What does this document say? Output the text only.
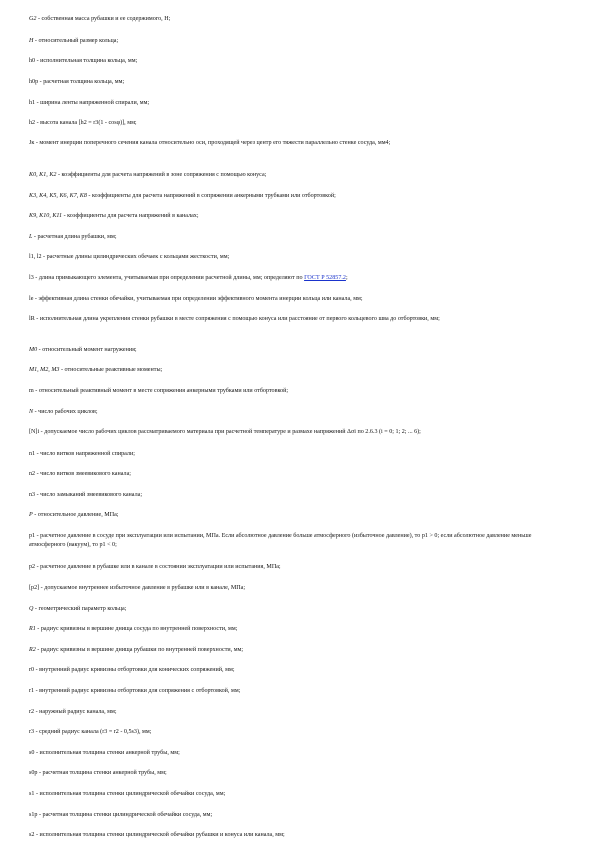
G2 - собственная масса рубашки и ее содержимого, Н;
H - относительный размер кольца;
h0 - исполнительная толщина кольца, мм;
h0р - расчетная толщина кольца, мм;
h1 - ширина ленты напряженной спирали, мм;
h2 - высота канала [h2 = r3(1 - cosφ)], мм;
Jк - момент инерции поперечного сечения канала относительно оси, проходящей через центр его тяжести параллельно стенке сосуда, мм4;
K0, K1, K2 - коэффициенты для расчета напряжений в зоне сопряжения с помощью конуса;
K3, K4, K5, K6, K7, K8 - коэффициенты для расчета напряжений в сопряжении анкерными трубками или отбортовкой;
K9, K10, K11 - коэффициенты для расчета напряжений в каналах;
L - расчетная длина рубашки, мм;
l1, l2 - расчетные длины цилиндрических обечаек с кольцами жесткости, мм;
l3 - длина примыкающего элемента, учитываемая при определении расчетной длины, мм; определяют по ГОСТ Р 52857.2;
lе - эффективная длина стенки обечайки, учитываемая при определении эффективного момента инерции кольца или канала, мм;
lR - исполнительная длина укрепления стенки рубашки в месте сопряжения с помощью конуса или расстояние от первого кольцевого шва до отбортовки, мм;
M0 - относительный момент нагружения;
M1, M2, M3 - относительные реактивные моменты;
m - относительный реактивный момент в месте сопряжения анкерными трубками или отбортовкой;
N - число рабочих циклов;
[N]i - допускаемое число рабочих циклов рассматриваемого материала при расчетной температуре и размахе напряжений Δσi по 2.6.3 (i = 0; 1; 2; ... 6);
n1 - число витков напряженной спирали;
n2 - число витков змеевикового канала;
n3 - число замыканий змеевикового канала;
P - относительное давление, МПа;
p1 - расчетное давление в сосуде при эксплуатации или испытании, МПа. Если абсолютное давление больше атмосферного (избыточное давление), то p1 > 0; если абсолютное давление меньше атмосферного (вакуум), то p1 < 0;
p2 - расчетное давление в рубашке или в канале в состоянии эксплуатации или испытания, МПа;
[p2] - допускаемое внутреннее избыточное давление в рубашке или в канале, МПа;
Q - геометрический параметр кольца;
R1 - радиус кривизны в вершине днища сосуда по внутренней поверхности, мм;
R2 - радиус кривизны в вершине днища рубашки по внутренней поверхности, мм;
r0 - внутренний радиус кривизны отбортовки для конических сопряжений, мм;
r1 - внутренний радиус кривизны отбортовки для сопряжения с отбортовкой, мм;
r2 - наружный радиус канала, мм;
r3 - средний радиус канала (r3 = r2 - 0,5s3), мм;
s0 - исполнительная толщина стенки анкерной трубы, мм;
s0р - расчетная толщина стенки анкерной трубы, мм;
s1 - исполнительная толщина стенки цилиндрической обечайки сосуда, мм;
s1р - расчетная толщина стенки цилиндрической обечайки сосуда, мм;
s2 - исполнительная толщина стенки цилиндрической обечайки рубашки и конуса или канала, мм;
